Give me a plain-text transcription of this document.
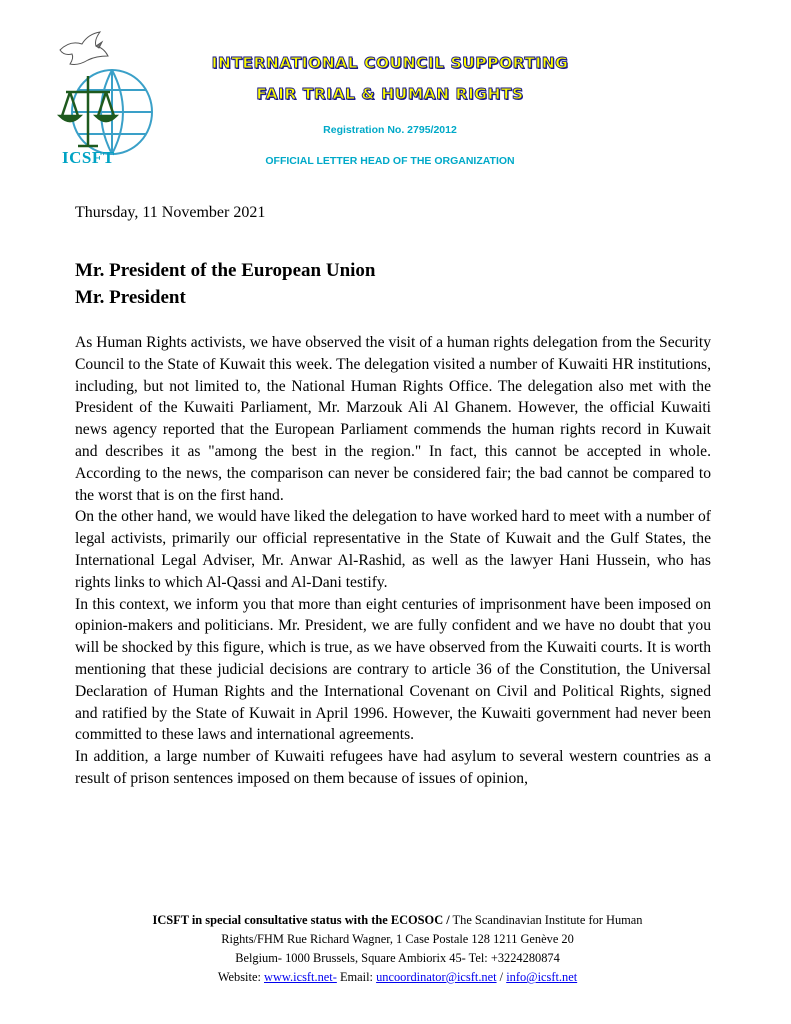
ICSFT
INTERNATIONAL COUNCIL SUPPORTING
FAIR TRIAL & HUMAN RIGHTS
Registration No. 2795/2012
OFFICIAL LETTER HEAD OF THE ORGANIZATION
Thursday, 11 November 2021
Mr. President of the European Union
Mr. President

As Human Rights activists, we have observed the visit of a human rights delegation from the Security Council to the State of Kuwait this week. The delegation visited a number of Kuwaiti HR institutions, including, but not limited to, the National Human Rights Office. The delegation also met with the President of the Kuwaiti Parliament, Mr. Marzouk Ali Al Ghanem. However, the official Kuwaiti news agency reported that the European Parliament commends the human rights record in Kuwait and describes it as "among the best in the region." In fact, this cannot be accepted in whole. According to the news, the comparison can never be considered fair; the bad cannot be compared to the worst that is on the first hand.

On the other hand, we would have liked the delegation to have worked hard to meet with a number of legal activists, primarily our official representative in the State of Kuwait and the Gulf States, the International Legal Adviser, Mr. Anwar Al-Rashid, as well as the lawyer Hani Hussein, who has rights links to which Al-Qassi and Al-Dani testify.

In this context, we inform you that more than eight centuries of imprisonment have been imposed on opinion-makers and politicians. Mr. President, we are fully confident and we have no doubt that you will be shocked by this figure, which is true, as we have observed from the Kuwaiti courts. It is worth mentioning that these judicial decisions are contrary to article 36 of the Constitution, the Universal Declaration of Human Rights and the International Covenant on Civil and Political Rights, signed and ratified by the State of Kuwait in April 1996. However, the Kuwaiti government had never been committed to these laws and international agreements.

In addition, a large number of Kuwaiti refugees have had asylum to several western countries as a result of prison sentences imposed on them because of issues of opinion,

ICSFT in special consultative status with the ECOSOC / The Scandinavian Institute for Human
Rights/FHM Rue Richard Wagner, 1 Case Postale 128 1211 Genève 20
Belgium- 1000 Brussels, Square Ambiorix 45- Tel: +3224280874
Website: www.icsft.net- Email: uncoordinator@icsft.net / info@icsft.net
